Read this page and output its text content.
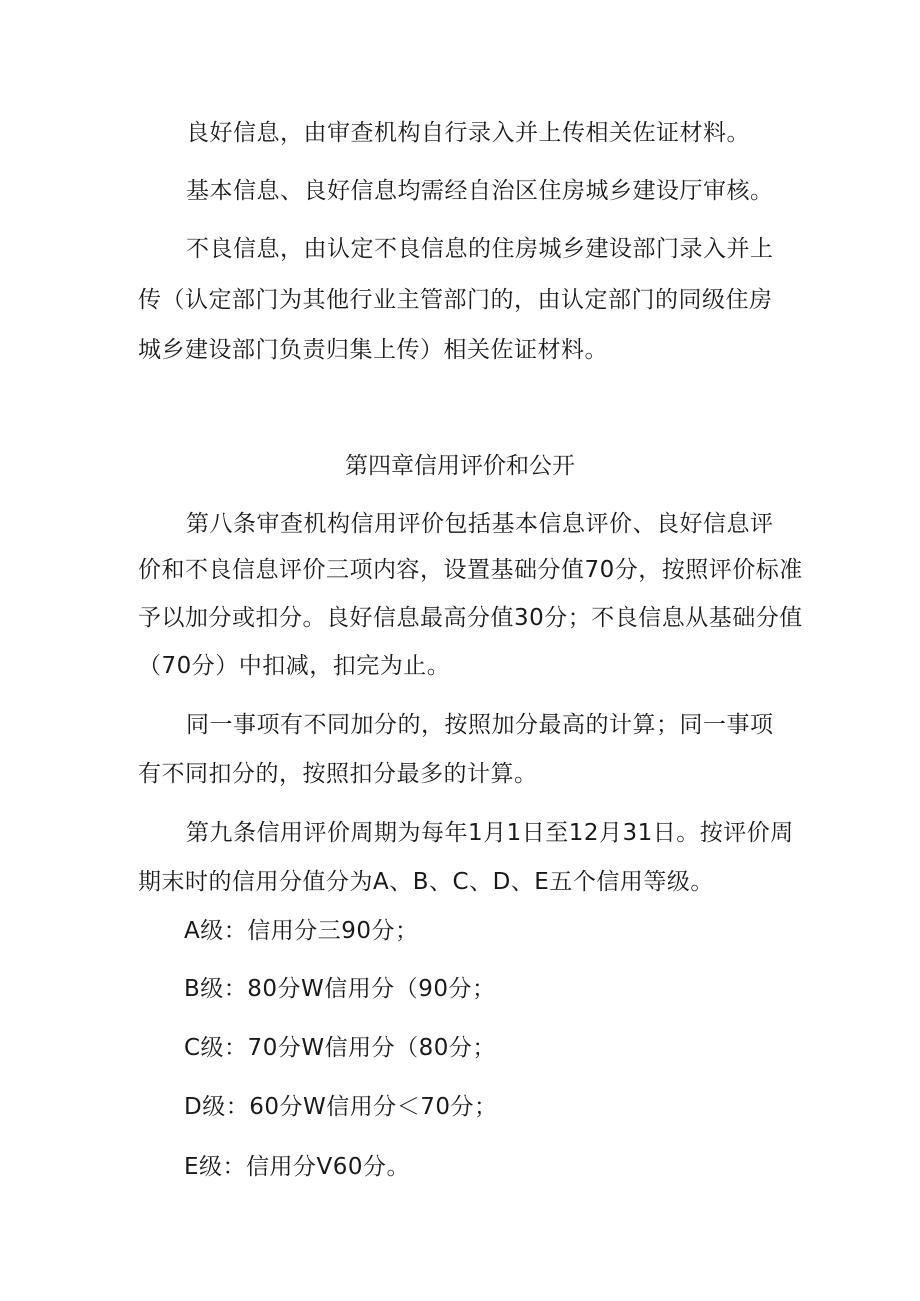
良好信息，由审查机构自行录入并上传相关佐证材料。
基本信息、良好信息均需经自治区住房城乡建设厅审核。
不良信息，由认定不良信息的住房城乡建设部门录入并上
传（认定部门为其他行业主管部门的，由认定部门的同级住房
城乡建设部门负责归集上传）相关佐证材料。
第四章信用评价和公开
第八条审查机构信用评价包括基本信息评价、良好信息评
价和不良信息评价三项内容，设置基础分值70分，按照评价标准
予以加分或扣分。良好信息最高分值30分；不良信息从基础分值
（70分）中扣减，扣完为止。
同一事项有不同加分的，按照加分最高的计算；同一事项
有不同扣分的，按照扣分最多的计算。
第九条信用评价周期为每年1月1日至12月31日。按评价周
期末时的信用分值分为A、B、C、D、E五个信用等级。
A级：信用分三90分；
B级：80分W信用分（90分；
C级：70分W信用分（80分；
D级：60分W信用分＜70分；
E级：信用分V60分。
